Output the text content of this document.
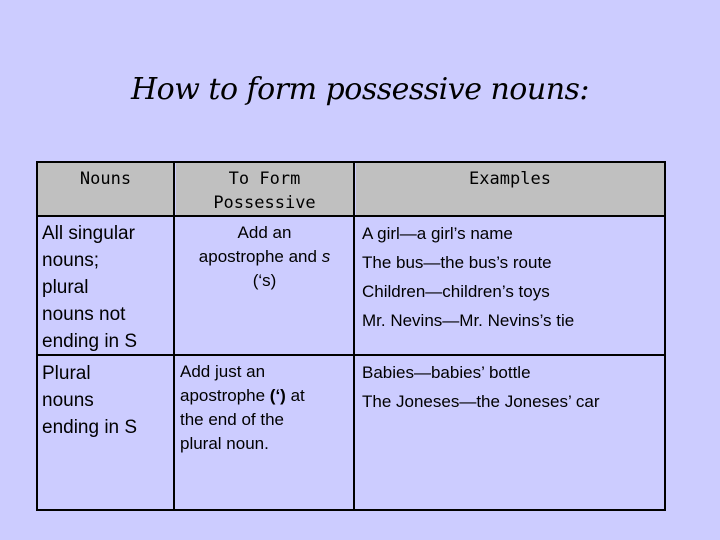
How to form possessive nouns:
Nouns	To Form
Possessive
Examples
All singular
nouns;
plural
nouns not
ending in S
Add an
apostrophe and s
(‘s)
A girl—a girl’s name
The bus—the bus’s route
Children—children’s toys
Mr. Nevins—Mr. Nevins’s tie
Plural
nouns
ending in S
Add just an
apostrophe (‘) at
the end of the
plural noun.
Babies—babies’ bottle
The Joneses—the Joneses’ car
